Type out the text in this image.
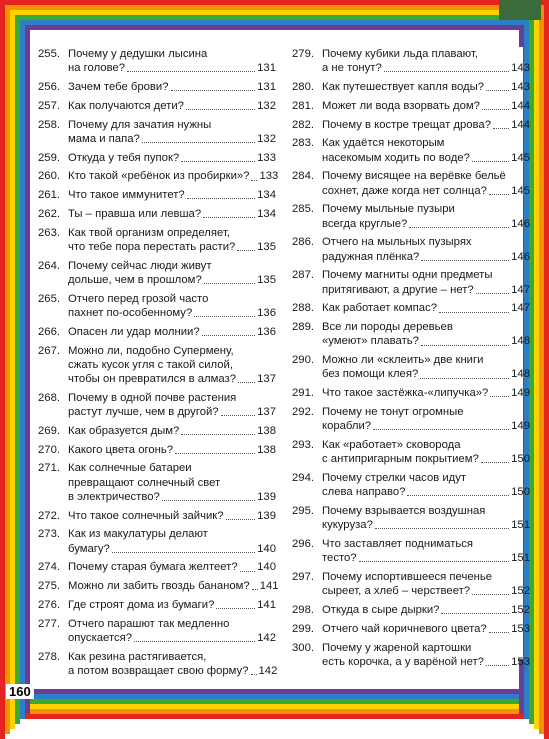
255. Почему у дедушки лысина
на голове?	131
256. Зачем тебе брови?	131
257. Как получаются дети?	132
258. Почему для зачатия нужны
мама и папа?	132
259. Откуда у тебя пупок?	133
260. Кто такой «ребёнок из пробирки»? 133
261. Что такое иммунитет?	134
262. Ты – правша или левша?	134
263. Как твой организм определяет,
что тебе пора перестать расти? 135
264. Почему сейчас люди живут
дольше, чем в прошлом?	135
265. Отчего перед грозой часто
пахнет по-особенному?	136
266. Опасен ли удар молнии?	136
267. Можно ли, подобно Супермену,
сжать кусок угля с такой силой,
чтобы он превратился в алмаз? 137
268. Почему в одной почве растения
растут лучше, чем в другой?	137
269. Как образуется дым?	138
270. Какого цвета огонь?	138
271. Как солнечные батареи
превращают солнечный свет
в электричество?	139
272. Что такое солнечный зайчик?	139
273. Как из макулатуры делают
бумагу?	140
274. Почему старая бумага желтеет? 140
275. Можно ли забить гвоздь бананом? 141
276. Где строят дома из бумаги?	141
277. Отчего парашют так медленно
опускается?	142
278. Как резина растягивается,
а потом возвращает свою форму? 142
279. Почему кубики льда плавают,
а не тонут?	143
280. Как путешествует капля воды? 143
281. Может ли вода взорвать дом?	144
282. Почему в костре трещат дрова? 144
283. Как удаётся некоторым
насекомым ходить по воде?	145
284. Почему висящее на верёвке бельё
сохнет, даже когда нет солнца? 145
285. Почему мыльные пузыри
всегда круглые?	146
286. Отчего на мыльных пузырях
радужная плёнка?	146
287. Почему магниты одни предметы
притягивают, а другие – нет?	147
288. Как работает компас?	147
289. Все ли породы деревьев
«умеют» плавать?	148
290. Можно ли «склеить» две книги
без помощи клея?	148
291. Что такое застёжка-«липучка»? 149
292. Почему не тонут огромные
корабли?	149
293. Как «работает» сковорода
с антипригарным покрытием?	150
294. Почему стрелки часов идут
слева направо?	150
295. Почему взрывается воздушная
кукуруза?	151
296. Что заставляет подниматься
тесто?	151
297. Почему испортившееся печенье
сыреет, а хлеб – черствеет?	152
298. Откуда в сыре дырки?	152
299. Отчего чай коричневого цвета? 153
300. Почему у жареной картошки
есть корочка, а у варёной нет? 153
160
